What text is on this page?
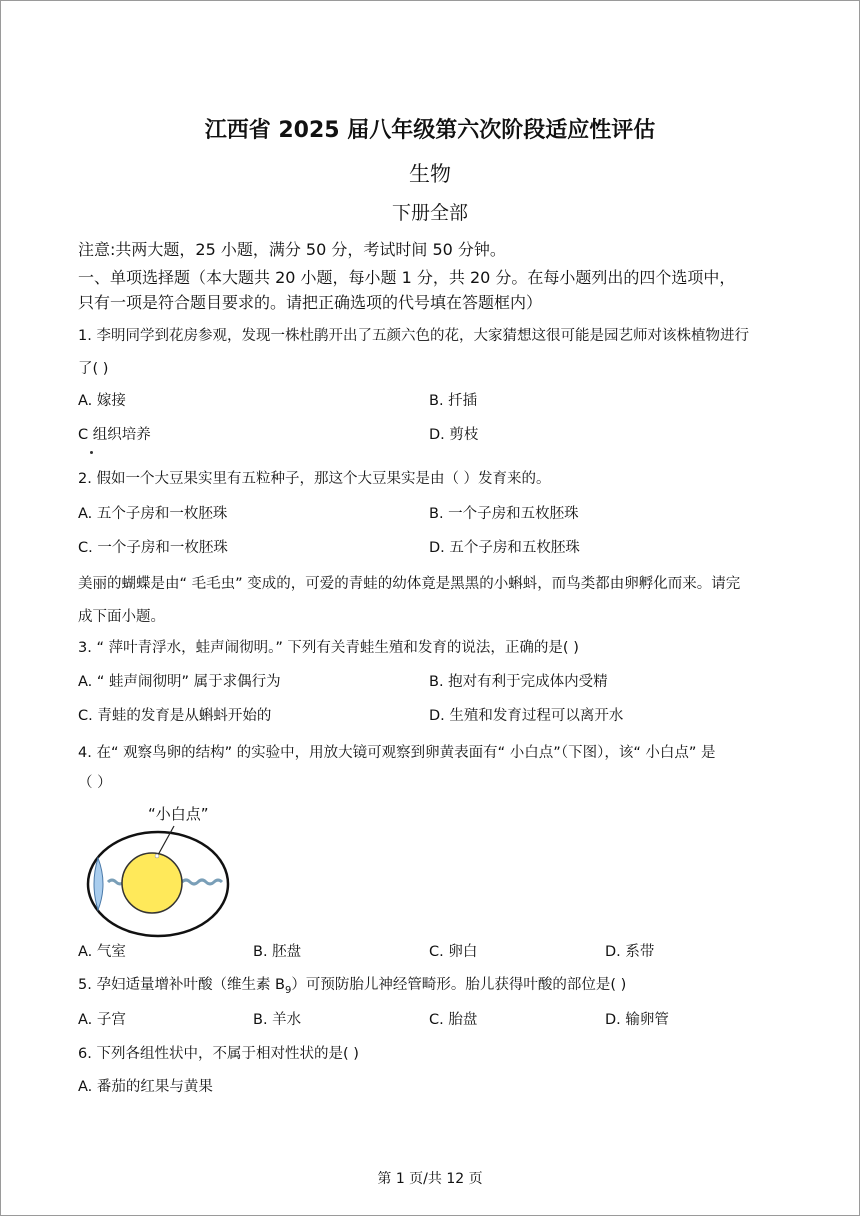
江西省 2025 届八年级第六次阶段适应性评估
生物
下册全部
注意:共两大题，25 小题，满分 50 分，考试时间 50 分钟。
一、单项选择题（本大题共 20 小题，每小题 1 分，共 20 分。在每小题列出的四个选项中，
只有一项是符合题目要求的。请把正确选项的代号填在答题框内）
1. 李明同学到花房参观，发现一株杜鹃开出了五颜六色的花，大家猜想这很可能是园艺师对该株植物进行
了( )
A. 嫁接	B. 扦插
C 组织培养	D. 剪枝
2. 假如一个大豆果实里有五粒种子，那这个大豆果实是由（ ）发育来的。
A. 五个子房和一枚胚珠	B. 一个子房和五枚胚珠
C. 一个子房和一枚胚珠	D. 五个子房和五枚胚珠
美丽的蝴蝶是由“ 毛毛虫” 变成的，可爱的青蛙的幼体竟是黑黑的小蝌蚪，而鸟类都由卵孵化而来。请完
成下面小题。
3. “ 萍叶青浮水，蛙声闹彻明。” 下列有关青蛙生殖和发育的说法，正确的是( )
A. “ 蛙声闹彻明” 属于求偶行为	B. 抱对有利于完成体内受精
C. 青蛙的发育是从蝌蚪开始的	D. 生殖和发育过程可以离开水
4. 在“ 观察鸟卵的结构” 的实验中，用放大镜可观察到卵黄表面有“ 小白点”（下图），该“ 小白点” 是
（ ）
“小白点”
A. 气室	B. 胚盘	C. 卵白	D. 系带
5. 孕妇适量增补叶酸（维生素 $B_9$）可预防胎儿神经管畸形。胎儿获得叶酸的部位是( )
A. 子宫	B. 羊水	C. 胎盘	D. 输卵管
6. 下列各组性状中，不属于相对性状的是( )
A. 番茄的红果与黄果
第 1 页/共 12 页
